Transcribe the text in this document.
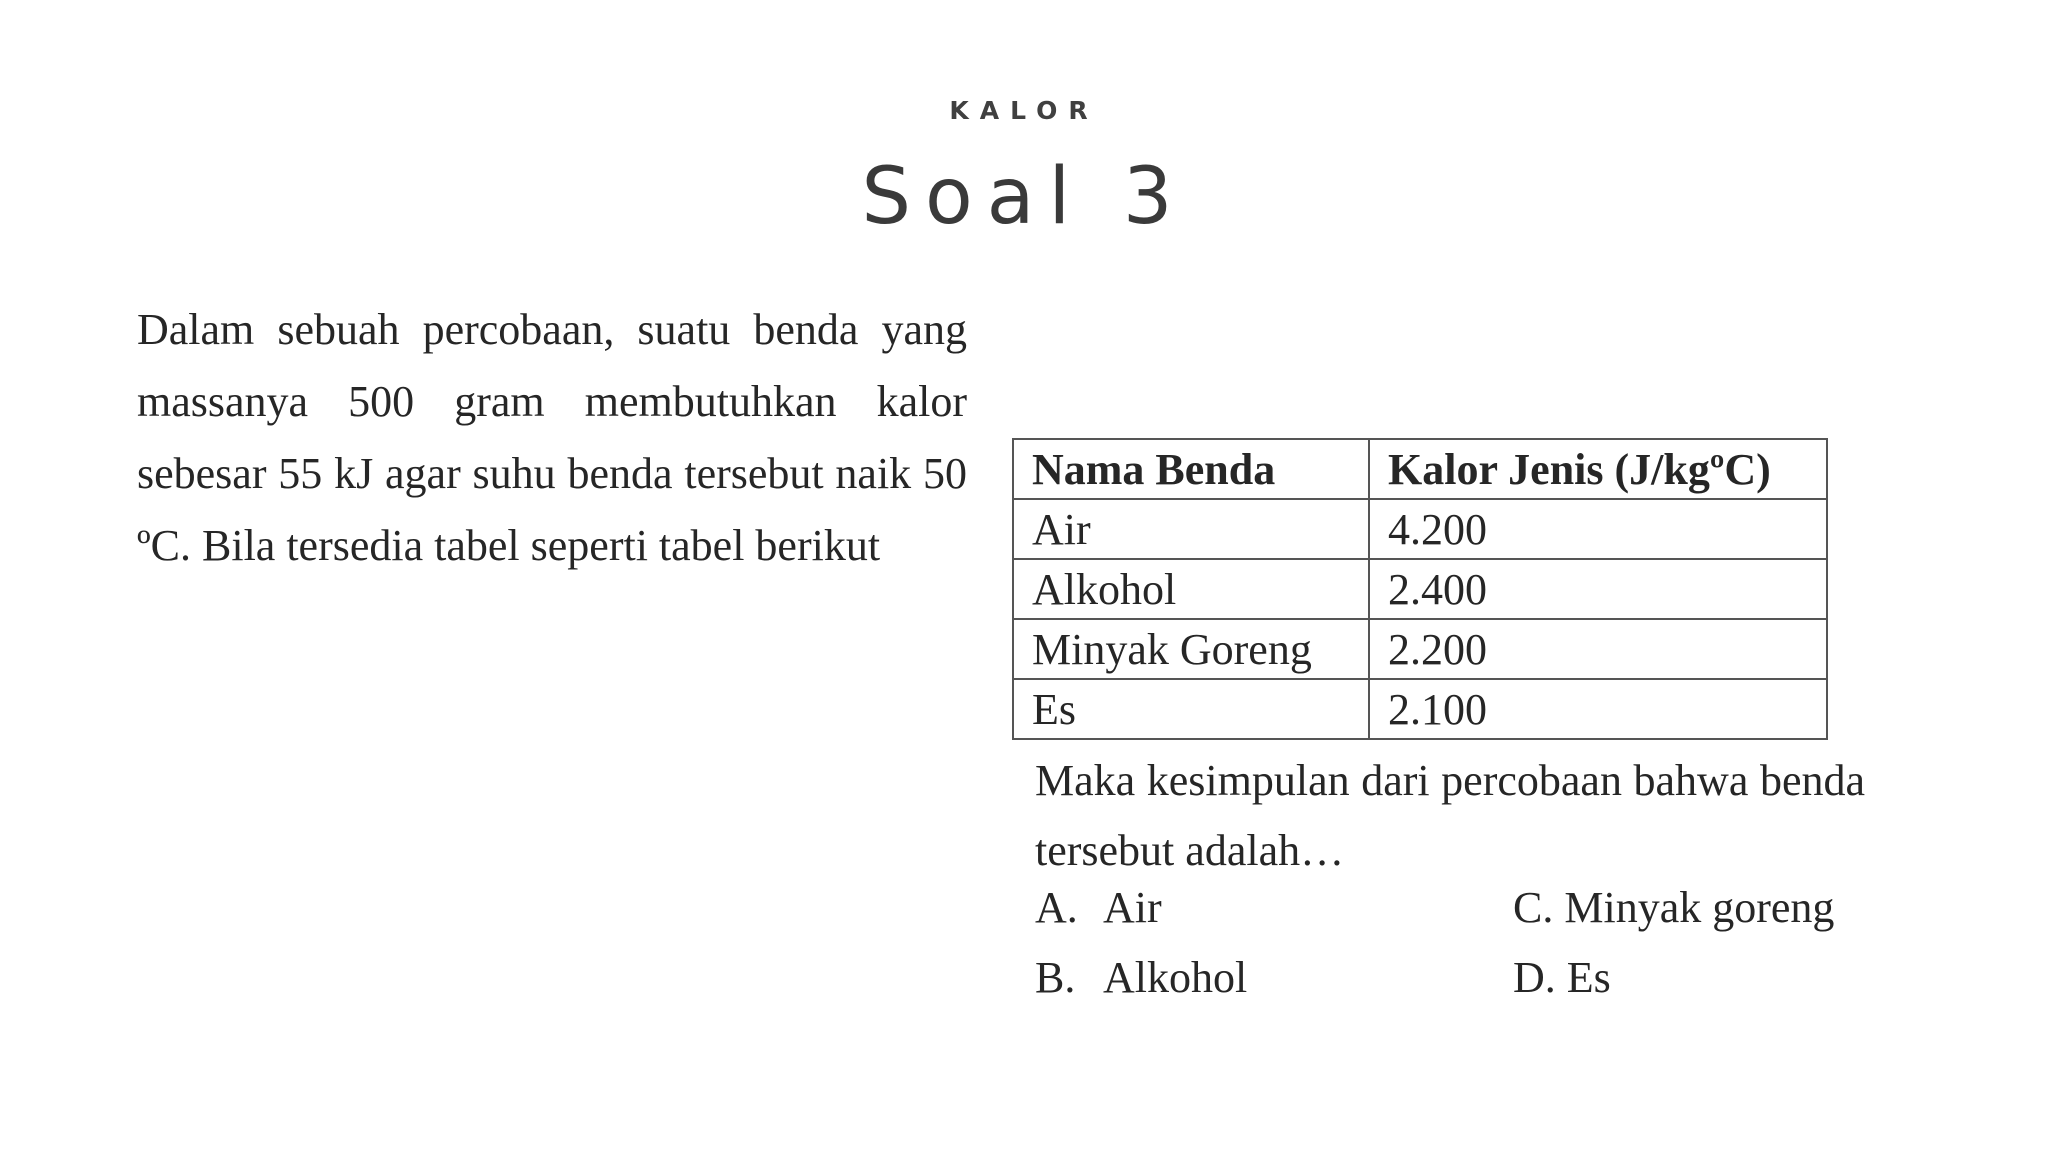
KALOR
Soal 3
Dalam sebuah percobaan, suatu benda yang massanya 500 gram membutuhkan kalor sebesar 55 kJ agar suhu benda tersebut naik 50 ºC. Bila tersedia tabel seperti tabel berikut
Nama Benda	Kalor Jenis (J/kgºC)
Air	4.200
Alkohol	2.400
Minyak Goreng	2.200
Es	2.100
Maka kesimpulan dari percobaan bahwa benda tersebut adalah…
A. Air
B. Alkohol
C. Minyak goreng
D. Es
